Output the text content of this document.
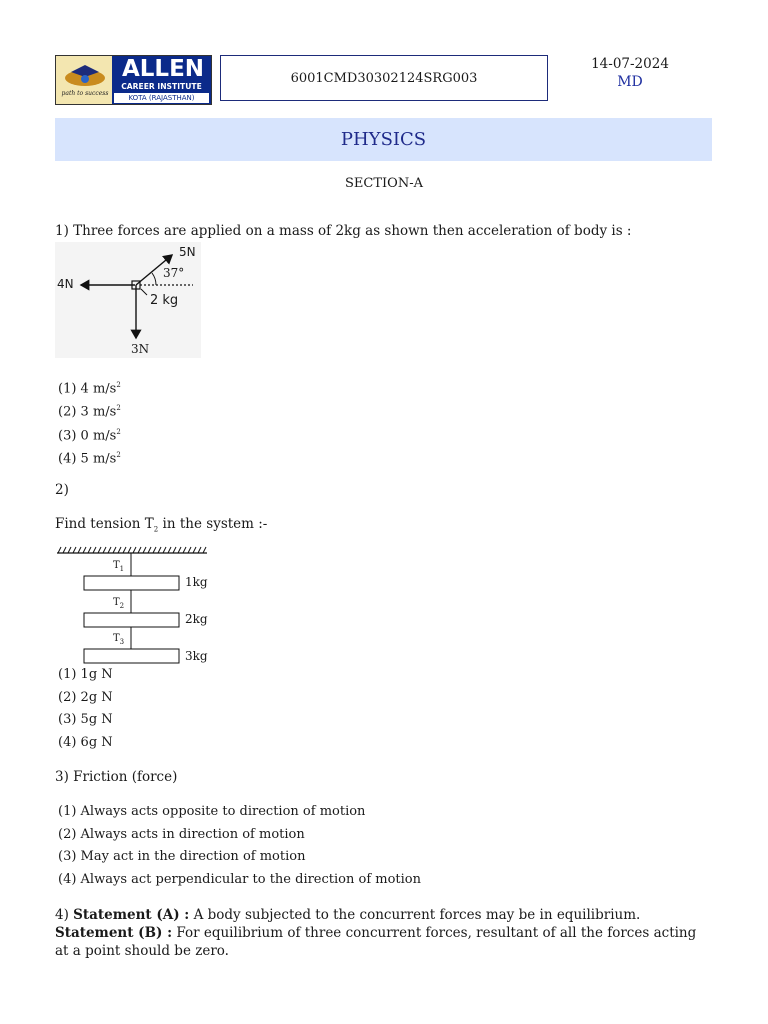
path to success
ALLEN
CAREER INSTITUTE
KOTA (RAJASTHAN)
6001CMD30302124SRG003
14-07-2024
MD
PHYSICS
SECTION-A
1) Three forces are applied on a mass of 2kg as shown then acceleration of body is :
4N
5N
37°
2 kg
3N
(1) 4 $m/s^2$
(2) 3 $m/s^2$
(3) 0 $m/s^2$
(4) 5 $m/s^2$
2)
Find tension $T_2$ in the system :-
$T_1$
$T_2$
$T_3$
1kg
2kg
3kg
(1) 1g N
(2) 2g N
(3) 5g N
(4) 6g N
3) Friction (force)
(1) Always acts opposite to direction of motion
(2) Always acts in direction of motion
(3) May act in the direction of motion
(4) Always act perpendicular to the direction of motion
4) Statement (A) : A body subjected to the concurrent forces may be in equilibrium.
Statement (B) : For equilibrium of three concurrent forces, resultant of all the forces acting at a point should be zero.
